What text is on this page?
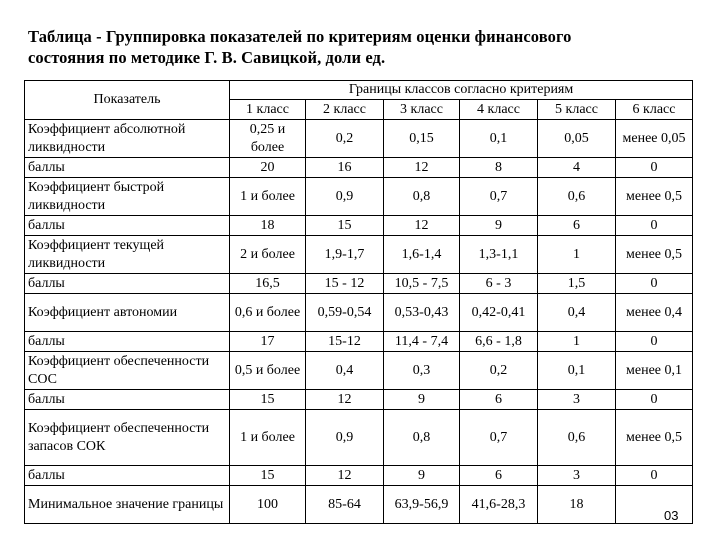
Таблица - Группировка показателей по критериям оценки финансового
состояния по методике Г. В. Савицкой, доли ед.
Показатель	Границы классов согласно критериям					
	1 класс	2 класс	3 класс	4 класс	5 класс	6 класс
Коэффициент абсолютной ликвидности	0,25 и более	0,2	0,15	0,1	0,05	менее 0,05
баллы	20	16	12	8	4	0
Коэффициент быстрой ликвидности	1 и более	0,9	0,8	0,7	0,6	менее 0,5
баллы	18	15	12	9	6	0
Коэффициент текущей ликвидности	2 и более	1,9-1,7	1,6-1,4	1,3-1,1	1	менее 0,5
баллы	16,5	15 - 12	10,5 - 7,5	6 - 3	1,5	0
Коэффициент автономии	0,6 и более	0,59-0,54	0,53-0,43	0,42-0,41	0,4	менее 0,4
баллы	17	15-12	11,4 - 7,4	6,6 - 1,8	1	0
Коэффициент обеспеченности СОС	0,5 и более	0,4	0,3	0,2	0,1	менее 0,1
баллы	15	12	9	6	3	0
Коэффициент обеспеченности запасов СОК	1 и более	0,9	0,8	0,7	0,6	менее 0,5
баллы	15	12	9	6	3	0
Минимальное значение границы	100	85-64	63,9-56,9	41,6-28,3	18	
03
